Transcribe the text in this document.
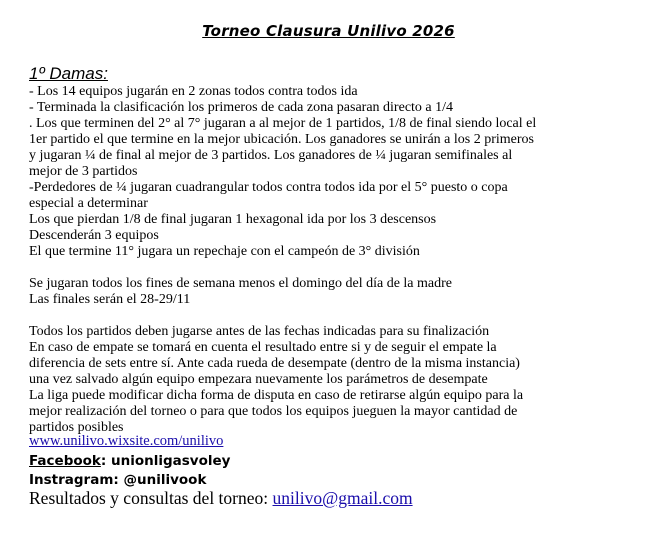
Torneo Clausura Unilivo 2026
1º Damas:
- Los 14 equipos jugarán en 2 zonas todos contra todos ida
- Terminada la clasificación los primeros de cada zona pasaran directo a 1/4
. Los que terminen del 2° al 7° jugaran a al mejor de 1 partidos, 1/8 de final siendo local el
1er partido el que termine en la mejor ubicación. Los ganadores se unirán a los 2 primeros
y jugaran ¼ de final al mejor de 3 partidos. Los ganadores de ¼ jugaran semifinales al
mejor de 3 partidos
-Perdedores de ¼ jugaran cuadrangular todos contra todos ida por el 5° puesto o copa
especial a determinar
Los que pierdan 1/8 de final jugaran 1 hexagonal ida por los 3 descensos
Descenderán 3 equipos
El que termine 11° jugara un repechaje con el campeón de 3° división
Se jugaran todos los fines de semana menos el domingo del día de la madre
Las finales serán el 28-29/11
Todos los partidos deben jugarse antes de las fechas indicadas para su finalización
En caso de empate se tomará en cuenta el resultado entre si y de seguir el empate la
diferencia de sets entre sí. Ante cada rueda de desempate (dentro de la misma instancia)
una vez salvado algún equipo empezara nuevamente los parámetros de desempate
La liga puede modificar dicha forma de disputa en caso de retirarse algún equipo para la
mejor realización del torneo o para que todos los equipos jueguen la mayor cantidad de
partidos posibles
www.unilivo.wixsite.com/unilivo
Facebook: unionligasvoley
Instragram: @unilivook
Resultados y consultas del torneo: unilivo@gmail.com
